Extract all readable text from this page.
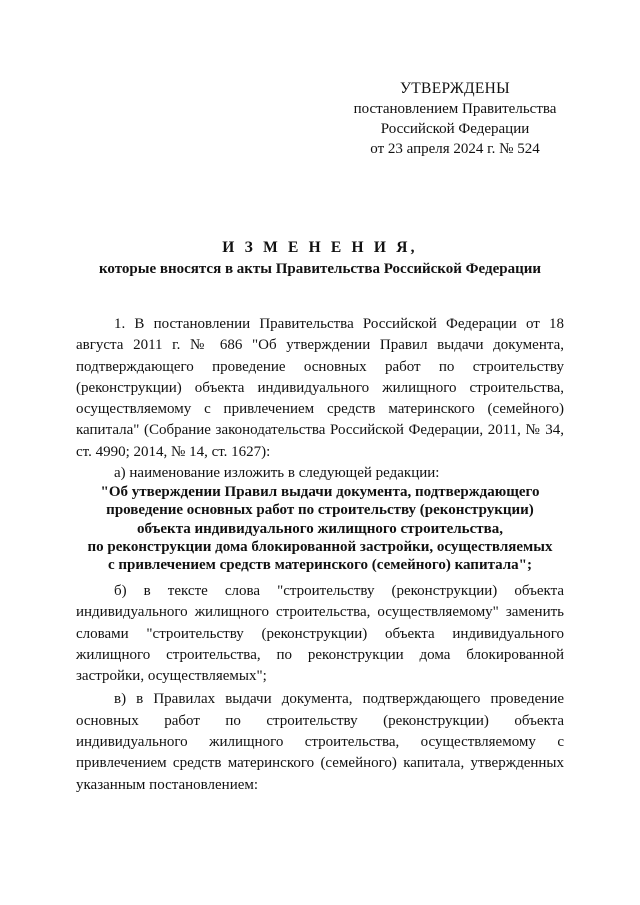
УТВЕРЖДЕНЫ
постановлением Правительства
Российской Федерации
от 23 апреля 2024 г. № 524
И З М Е Н Е Н И Я,
которые вносятся в акты Правительства Российской Федерации

1. В постановлении Правительства Российской Федерации от 18 августа 2011 г. № 686 "Об утверждении Правил выдачи документа, подтверждающего проведение основных работ по строительству (реконструкции) объекта индивидуального жилищного строительства, осуществляемому с привлечением средств материнского (семейного) капитала" (Собрание законодательства Российской Федерации, 2011, № 34, ст. 4990; 2014, № 14, ст. 1627):

а) наименование изложить в следующей редакции:

"Об утверждении Правил выдачи документа, подтверждающего
проведение основных работ по строительству (реконструкции)
объекта индивидуального жилищного строительства,
по реконструкции дома блокированной застройки, осуществляемых
с привлечением средств материнского (семейного) капитала";

б) в тексте слова "строительству (реконструкции) объекта индивидуального жилищного строительства, осуществляемому" заменить словами "строительству (реконструкции) объекта индивидуального жилищного строительства, по реконструкции дома блокированной застройки, осуществляемых";

в) в Правилах выдачи документа, подтверждающего проведение основных работ по строительству (реконструкции) объекта индивидуального жилищного строительства, осуществляемому с привлечением средств материнского (семейного) капитала, утвержденных указанным постановлением:
